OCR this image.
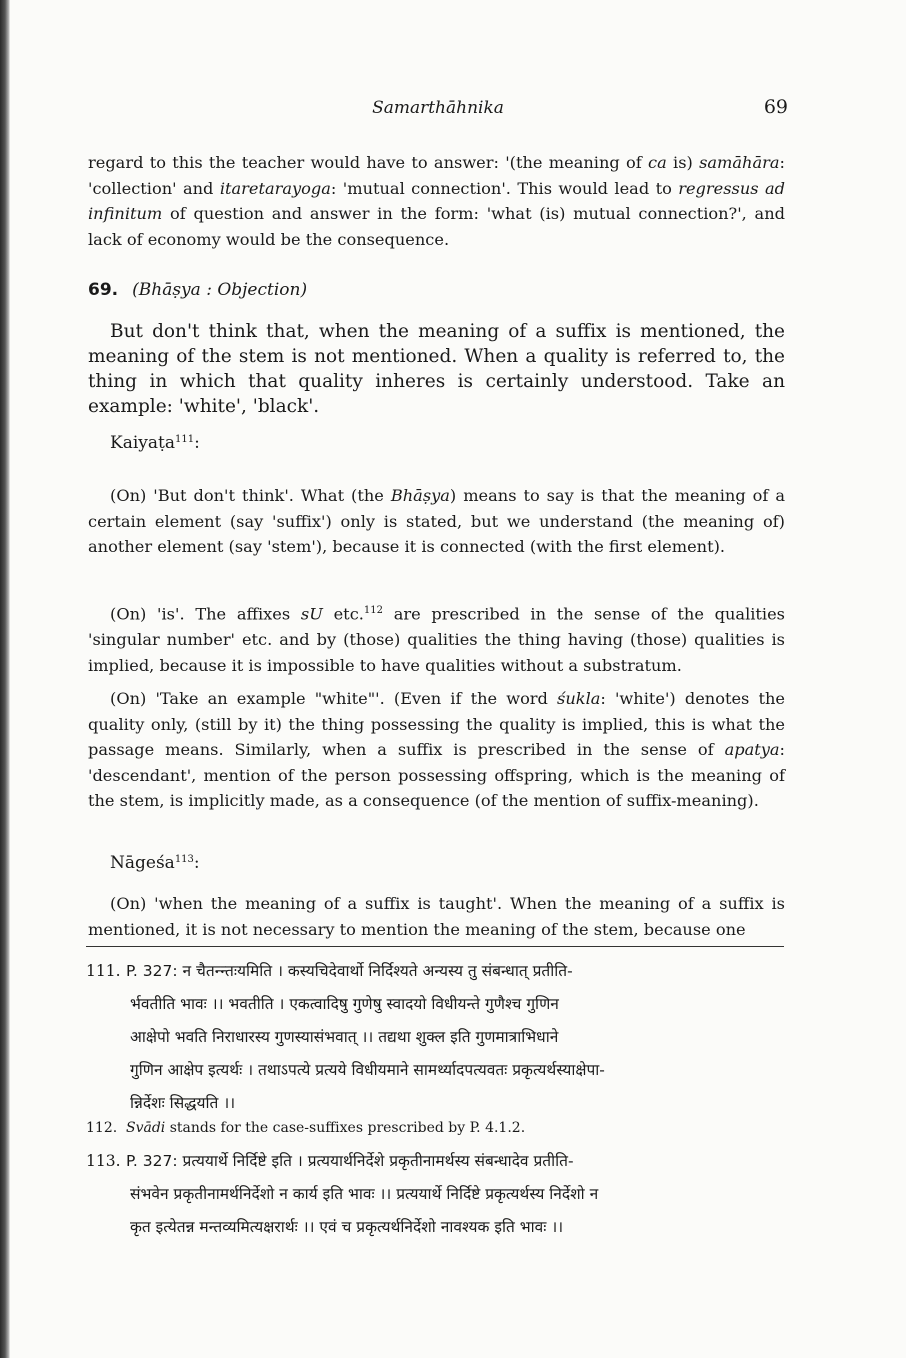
Samarthāhnika	69

regard to this the teacher would have to answer: '(the meaning of ca is) samāhāra: 'collection' and itaretarayoga: 'mutual connection'. This would lead to regressus ad infinitum of question and answer in the form: 'what (is) mutual connection?', and lack of economy would be the consequence.

69. (Bhāṣya : Objection)

But don't think that, when the meaning of a suffix is mentioned, the meaning of the stem is not mentioned. When a quality is referred to, the thing in which that quality inheres is certainly understood. Take an example: 'white', 'black'.

Kaiyaṭa$^{111}$:

(On) 'But don't think'. What (the Bhāṣya) means to say is that the meaning of a certain element (say 'suffix') only is stated, but we understand (the meaning of) another element (say 'stem'), because it is connected (with the first element).

(On) 'is'. The affixes sU etc.$^{112}$ are prescribed in the sense of the qualities 'singular number' etc. and by (those) qualities the thing having (those) qualities is implied, because it is impossible to have qualities without a substratum.

(On) 'Take an example "white"'. (Even if the word śukla: 'white') denotes the quality only, (still by it) the thing possessing the quality is implied, this is what the passage means. Similarly, when a suffix is prescribed in the sense of apatya: 'descendant', mention of the person possessing offspring, which is the meaning of the stem, is implicitly made, as a consequence (of the mention of suffix-meaning).

Nāgeśa$^{113}$:

(On) 'when the meaning of a suffix is taught'. When the meaning of a suffix is mentioned, it is not necessary to mention the meaning of the stem, because one

111. P. 327: न चैतन्न्तःयमिति । कस्यचिदेवार्थो निर्दिश्यते अन्यस्य तु संबन्धात् प्रतीति-
र्भवतीति भावः ।। भवतीति । एकत्वादिषु गुणेषु स्वादयो विधीयन्ते गुणैश्च गुणिन
आक्षेपो भवति निराधारस्य गुणस्यासंभवात् ।। तद्यथा शुक्ल इति गुणमात्राभिधाने
गुणिन आक्षेप इत्यर्थः । तथाऽपत्ये प्रत्यये विधीयमाने सामर्थ्यादपत्यवतः प्रकृत्यर्थस्याक्षेपा-
न्निर्देशः सिद्धयति ।।
112. Svādi stands for the case-suffixes prescribed by P. 4.1.2.
113. P. 327: प्रत्ययार्थे निर्दिष्टे इति । प्रत्ययार्थनिर्देशे प्रकृतीनामर्थस्य संबन्धादेव प्रतीति-
संभवेन प्रकृतीनामर्थनिर्देशो न कार्य इति भावः ।। प्रत्ययार्थे निर्दिष्टे प्रकृत्यर्थस्य निर्देशो न
कृत इत्येतन्न मन्तव्यमित्यक्षरार्थः ।। एवं च प्रकृत्यर्थनिर्देशो नावश्यक इति भावः ।।
